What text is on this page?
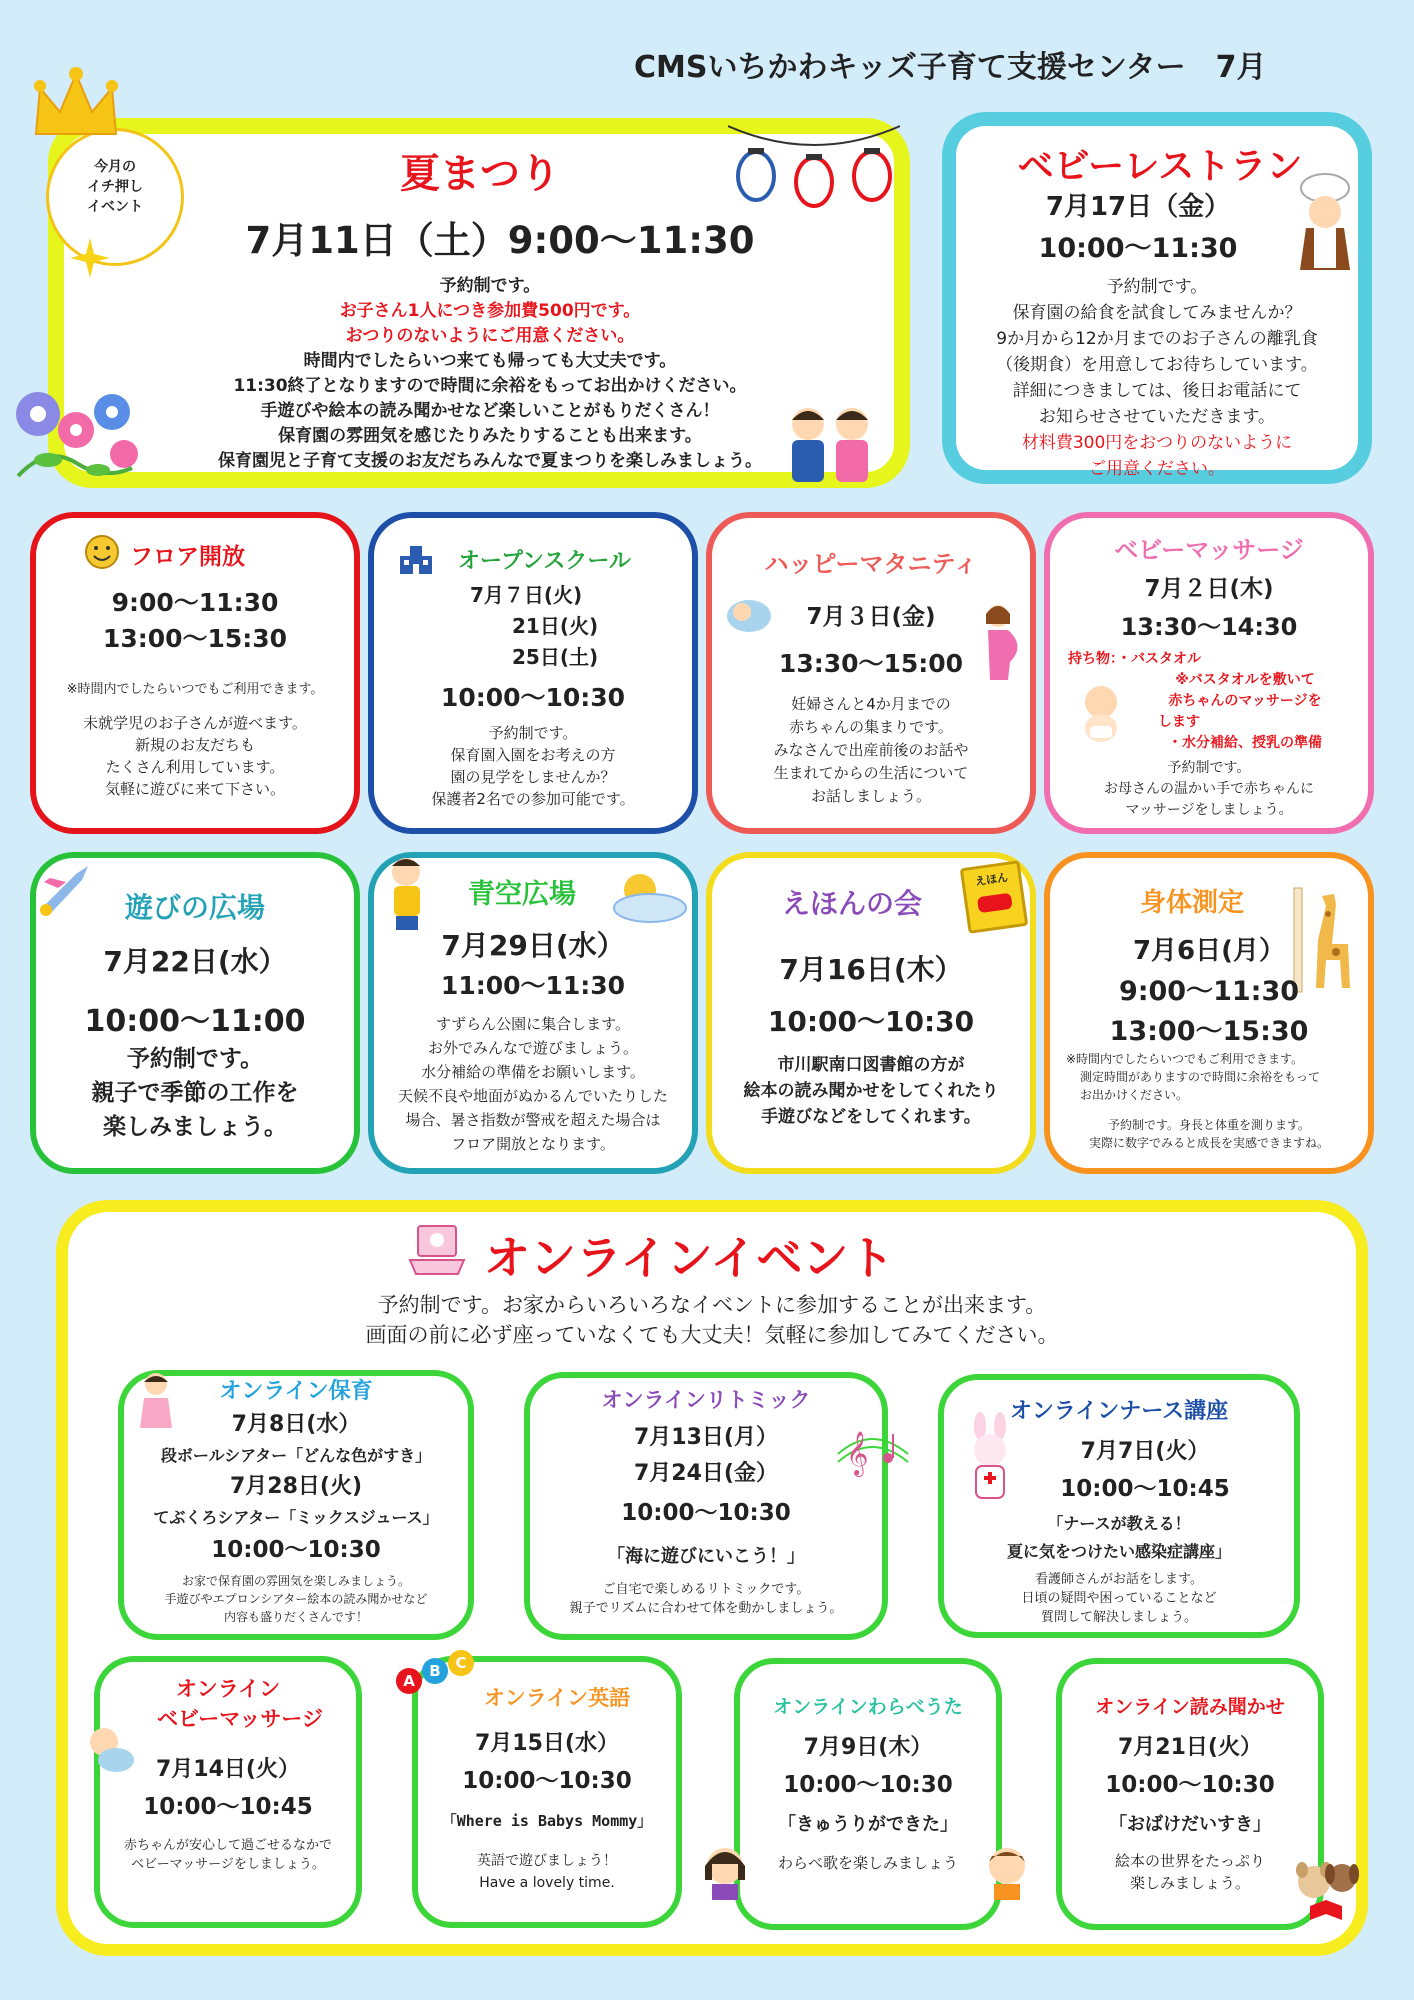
CMSいちかわキッズ子育て支援センター　7月
今月の
イチ押し
イベント
夏まつり
7月11日（土）9:00～11:30
予約制です。
お子さん1人につき参加費500円です。
おつりのないようにご用意ください。
時間内でしたらいつ来ても帰っても大丈夫です。
11:30終了となりますので時間に余裕をもってお出かけください。
手遊びや絵本の読み聞かせなど楽しいことがもりだくさん！
保育園の雰囲気を感じたりみたりすることも出来ます。
保育園児と子育て支援のお友だちみんなで夏まつりを楽しみましょう。
ベビーレストラン
7月17日（金）
10:00～11:30
予約制です。
保育園の給食を試食してみませんか？
9か月から12か月までのお子さんの離乳食
（後期食）を用意してお待ちしています。
詳細につきましては、後日お電話にて
お知らせさせていただきます。
材料費300円をおつりのないように
ご用意ください。
フロア開放
9:00～11:30
13:00～15:30
※時間内でしたらいつでもご利用できます。
未就学児のお子さんが遊べます。
新規のお友だちも
たくさん利用しています。
気軽に遊びに来て下さい。
オープンスクール
7月７日(火)
21日(火)
25日(土)
10:00～10:30
予約制です。
保育園入園をお考えの方
園の見学をしませんか？
保護者2名での参加可能です。
ハッピーマタニティ
7月３日(金)
13:30～15:00
妊婦さんと4か月までの
赤ちゃんの集まりです。
みなさんで出産前後のお話や
生まれてからの生活について
お話しましょう。
ベビーマッサージ
7月２日(木)
13:30～14:30
持ち物：・バスタオル
※バスタオルを敷いて
赤ちゃんのマッサージを
します
・水分補給、授乳の準備
予約制です。
お母さんの温かい手で赤ちゃんに
マッサージをしましょう。
遊びの広場
7月22日(水）
10:00～11:00
予約制です。
親子で季節の工作を
楽しみましょう。
青空広場
7月29日(水）
11:00～11:30
すずらん公園に集合します。
お外でみんなで遊びましょう。
水分補給の準備をお願いします。
天候不良や地面がぬかるんでいたりした
場合、暑さ指数が警戒を超えた場合は
フロア開放となります。
えほんの会
えほん
7月16日(木）
10:00～10:30
市川駅南口図書館の方が
絵本の読み聞かせをしてくれたり
手遊びなどをしてくれます。
身体測定
7月6日(月）
9:00～11:30
13:00～15:30
※時間内でしたらいつでもご利用できます。
測定時間がありますので時間に余裕をもって
お出かけください。
予約制です。身長と体重を測ります。
実際に数字でみると成長を実感できますね。
オンラインイベント
予約制です。お家からいろいろなイベントに参加することが出来ます。
画面の前に必ず座っていなくても大丈夫！気軽に参加してみてください。
オンライン保育
7月8日(水）
段ボールシアター「どんな色がすき」
7月28日(火)
てぶくろシアター「ミックスジュース」
10:00～10:30
お家で保育園の雰囲気を楽しみましょう。
手遊びやエプロンシアター絵本の読み聞かせなど
内容も盛りだくさんです！
オンラインリトミック
𝄞
7月13日(月）
7月24日(金）
10:00～10:30
「海に遊びにいこう！」
ご自宅で楽しめるリトミックです。
親子でリズムに合わせて体を動かしましょう。
オンラインナース講座
7月7日(火）
10:00～10:45
「ナースが教える！
夏に気をつけたい感染症講座」
看護師さんがお話をします。
日頃の疑問や困っていることなど
質問して解決しましょう。
オンライン
ベビーマッサージ
7月14日(火）
10:00～10:45
赤ちゃんが安心して過ごせるなかで
ベビーマッサージをしましょう。
A
B C
オンライン英語
7月15日(水）
10:00～10:30
「Where is Babys Mommy」
英語で遊びましょう！
Have a lovely time.
オンラインわらべうた
7月9日(木）
10:00～10:30
「きゅうりができた」
わらべ歌を楽しみましょう
オンライン読み聞かせ
7月21日(火）
10:00～10:30
「おばけだいすき」
絵本の世界をたっぷり
楽しみましょう。
